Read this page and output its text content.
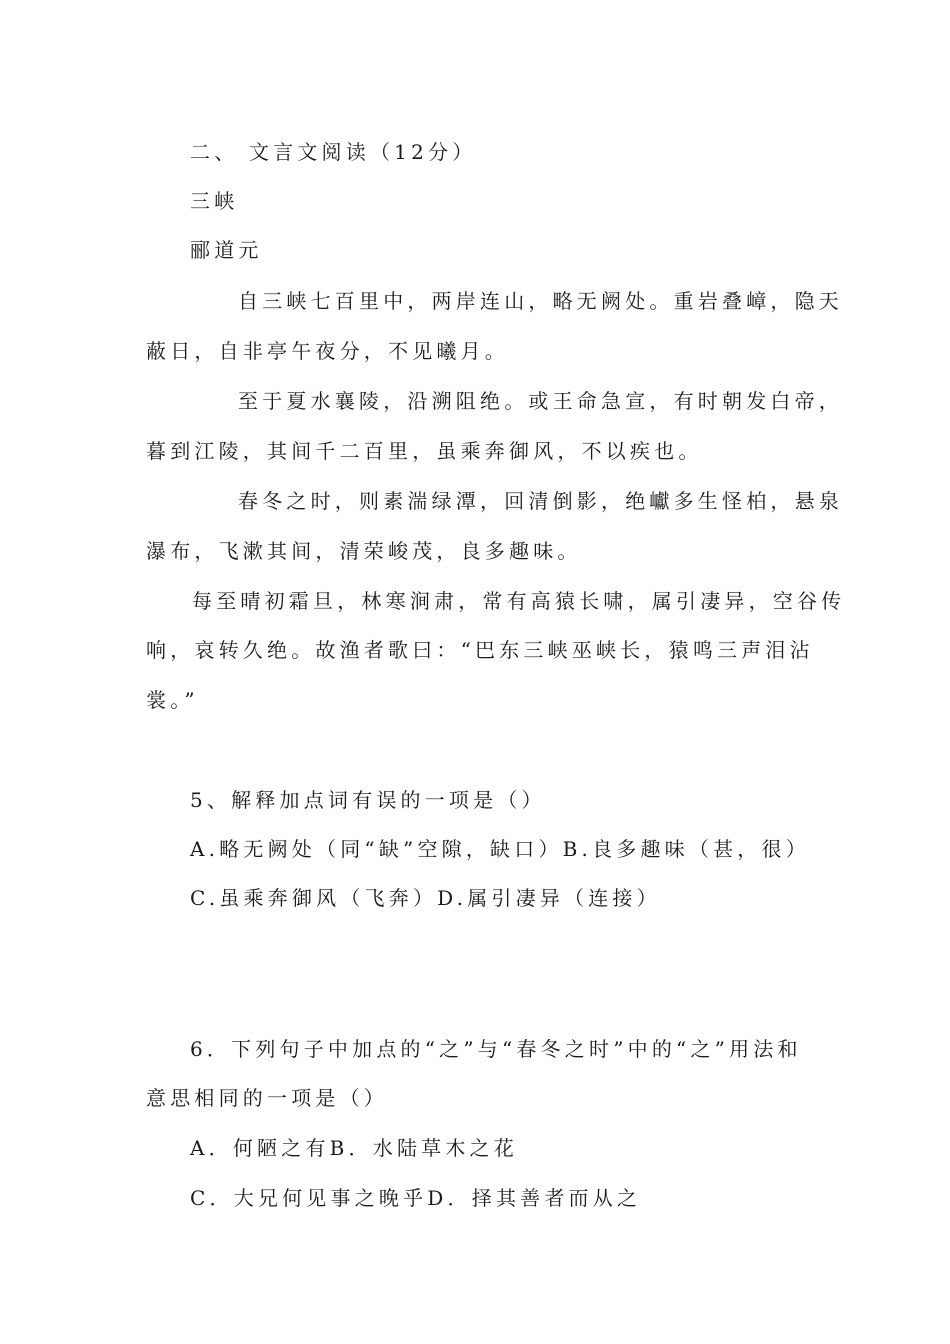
二、 文言文阅读（12分）
三峡
郦道元
自三峡七百里中，两岸连山，略无阙处。重岩叠嶂，隐天
蔽日，自非亭午夜分，不见曦月。
至于夏水襄陵，沿溯阻绝。或王命急宣，有时朝发白帝，
暮到江陵，其间千二百里，虽乘奔御风，不以疾也。
春冬之时，则素湍绿潭，回清倒影，绝巘多生怪柏，悬泉
瀑布，飞漱其间，清荣峻茂，良多趣味。
每至晴初霜旦，林寒涧肃，常有高猿长啸，属引凄异，空谷传
响，哀转久绝。故渔者歌曰：“巴东三峡巫峡长，猿鸣三声泪沾
裳。”
5、解释加点词有误的一项是（）
A.略无阙处（同“缺”空隙，缺口）B.良多趣味（甚，很）
C.虽乘奔御风（飞奔）D.属引凄异（连接）
6．下列句子中加点的“之”与“春冬之时”中的“之”用法和
意思相同的一项是（）
A．何陋之有B．水陆草木之花
C．大兄何见事之晚乎D．择其善者而从之
